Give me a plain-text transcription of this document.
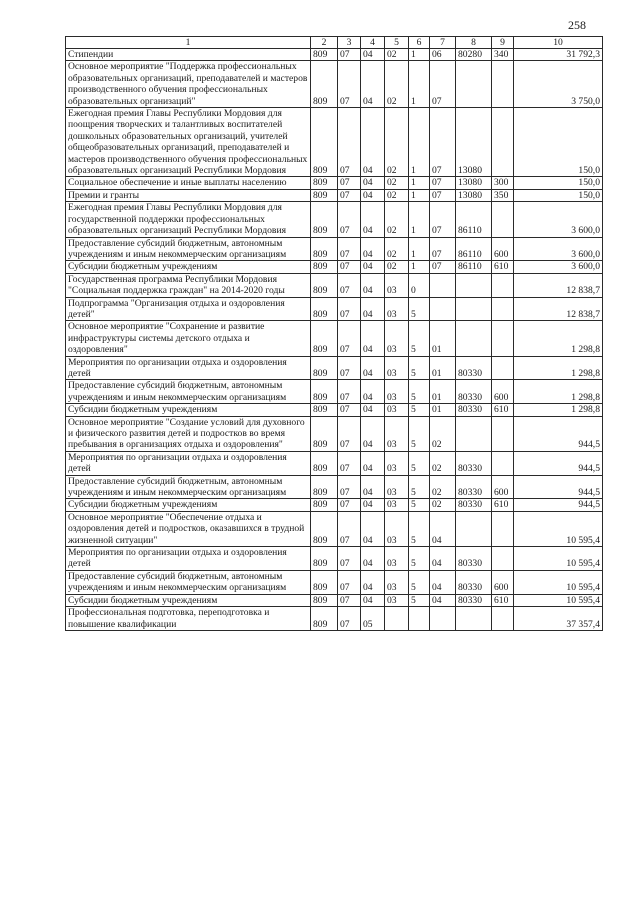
258
1	2	3	4	5	6	7	8	9	10
Стипендии	809	07	04	02	1	06	80280	340	31 792,3
Основное мероприятие "Поддержка профессиональных образовательных организаций, преподавателей и мастеров производственного обучения профессиональных образовательных организаций"	809	07	04	02	1	07			3 750,0
Ежегодная премия Главы Республики Мордовия для поощрения творческих и талантливых воспитателей дошкольных образовательных организаций, учителей общеобразовательных организаций, преподавателей и мастеров производственного обучения профессиональных образовательных организаций Республики Мордовия	809	07	04	02	1	07	13080		150,0
Социальное обеспечение и иные выплаты населению	809	07	04	02	1	07	13080	300	150,0
Премии и гранты	809	07	04	02	1	07	13080	350	150,0
Ежегодная премия Главы Республики Мордовия для государственной поддержки профессиональных образовательных организаций Республики Мордовия	809	07	04	02	1	07	86110		3 600,0
Предоставление субсидий бюджетным, автономным учреждениям и иным некоммерческим организациям	809	07	04	02	1	07	86110	600	3 600,0
Субсидии бюджетным учреждениям	809	07	04	02	1	07	86110	610	3 600,0
Государственная программа Республики Мордовия "Социальная поддержка граждан" на 2014-2020 годы	809	07	04	03	0				12 838,7
Подпрограмма "Организация отдыха и оздоровления детей"	809	07	04	03	5				12 838,7
Основное мероприятие "Сохранение и развитие инфраструктуры системы детского отдыха и оздоровления"	809	07	04	03	5	01			1 298,8
Мероприятия по организации отдыха и оздоровления детей	809	07	04	03	5	01	80330		1 298,8
Предоставление субсидий бюджетным, автономным учреждениям и иным некоммерческим организациям	809	07	04	03	5	01	80330	600	1 298,8
Субсидии бюджетным учреждениям	809	07	04	03	5	01	80330	610	1 298,8
Основное мероприятие "Создание условий для духовного и физического развития детей и подростков во время пребывания в организациях отдыха и оздоровления"	809	07	04	03	5	02			944,5
Мероприятия по организации отдыха и оздоровления детей	809	07	04	03	5	02	80330		944,5
Предоставление субсидий бюджетным, автономным учреждениям и иным некоммерческим организациям	809	07	04	03	5	02	80330	600	944,5
Субсидии бюджетным учреждениям	809	07	04	03	5	02	80330	610	944,5
Основное мероприятие "Обеспечение отдыха и оздоровления детей и подростков, оказавшихся в трудной жизненной ситуации"	809	07	04	03	5	04			10 595,4
Мероприятия по организации отдыха и оздоровления детей	809	07	04	03	5	04	80330		10 595,4
Предоставление субсидий бюджетным, автономным учреждениям и иным некоммерческим организациям	809	07	04	03	5	04	80330	600	10 595,4
Субсидии бюджетным учреждениям	809	07	04	03	5	04	80330	610	10 595,4
Профессиональная подготовка, переподготовка и повышение квалификации	809	07	05						37 357,4
